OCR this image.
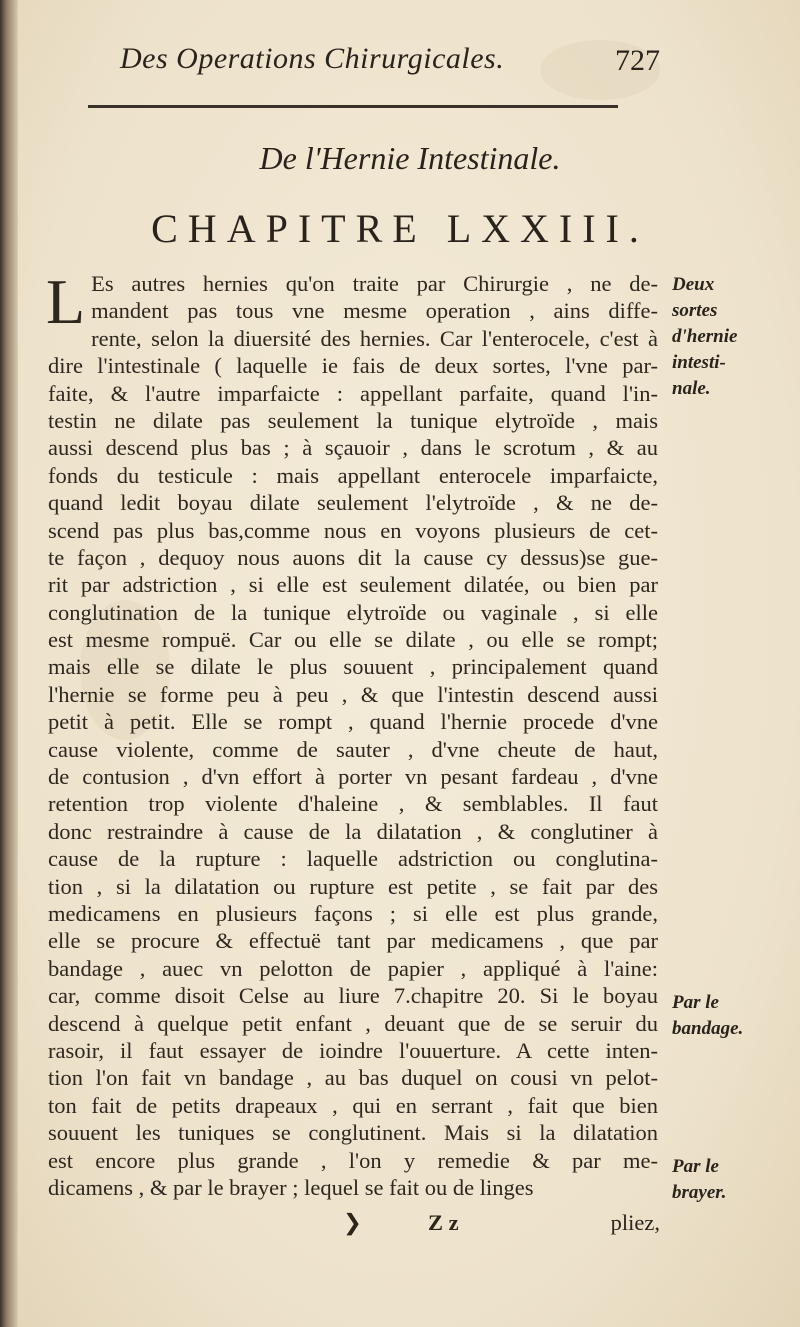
Des Operations Chirurgicales.	727
De l'Hernie Intestinale.
CHAPITRE LXXIII.
L Es autres hernies qu'on traite par Chirurgie , ne de-
mandent pas tous vne mesme operation , ains diffe-
rente, selon la diuersité des hernies. Car l'enterocele, c'est à
dire l'intestinale ( laquelle ie fais de deux sortes, l'vne par-
faite, & l'autre imparfaicte : appellant parfaite, quand l'in-
testin ne dilate pas seulement la tunique elytroïde , mais
aussi descend plus bas ; à sçauoir , dans le scrotum , & au
fonds du testicule : mais appellant enterocele imparfaicte,
quand ledit boyau dilate seulement l'elytroïde , & ne de-
scend pas plus bas,comme nous en voyons plusieurs de cet-
te façon , dequoy nous auons dit la cause cy dessus)se gue-
rit par adstriction , si elle est seulement dilatée, ou bien par
conglutination de la tunique elytroïde ou vaginale , si elle
est mesme rompuë. Car ou elle se dilate , ou elle se rompt;
mais elle se dilate le plus souuent , principalement quand
l'hernie se forme peu à peu , & que l'intestin descend aussi
petit à petit. Elle se rompt , quand l'hernie procede d'vne
cause violente, comme de sauter , d'vne cheute de haut,
de contusion , d'vn effort à porter vn pesant fardeau , d'vne
retention trop violente d'haleine , & semblables. Il faut
donc restraindre à cause de la dilatation , & conglutiner à
cause de la rupture : laquelle adstriction ou conglutina-
tion , si la dilatation ou rupture est petite , se fait par des
medicamens en plusieurs façons ; si elle est plus grande,
elle se procure & effectuë tant par medicamens , que par
bandage , auec vn pelotton de papier , appliqué à l'aine:
car, comme disoit Celse au liure 7.chapitre 20. Si le boyau
descend à quelque petit enfant , deuant que de se seruir du
rasoir, il faut essayer de ioindre l'ouuerture. A cette inten-
tion l'on fait vn bandage , au bas duquel on cousi vn pelot-
ton fait de petits drapeaux , qui en serrant , fait que bien
souuent les tuniques se conglutinent. Mais si la dilatation
est encore plus grande , l'on y remedie & par me-
dicamens , & par le brayer ; lequel se fait ou de linges
Deux
sortes
d'hernie
intesti-
nale.
Par le
bandage.
Par le
brayer.
❯	Z z	pliez,
